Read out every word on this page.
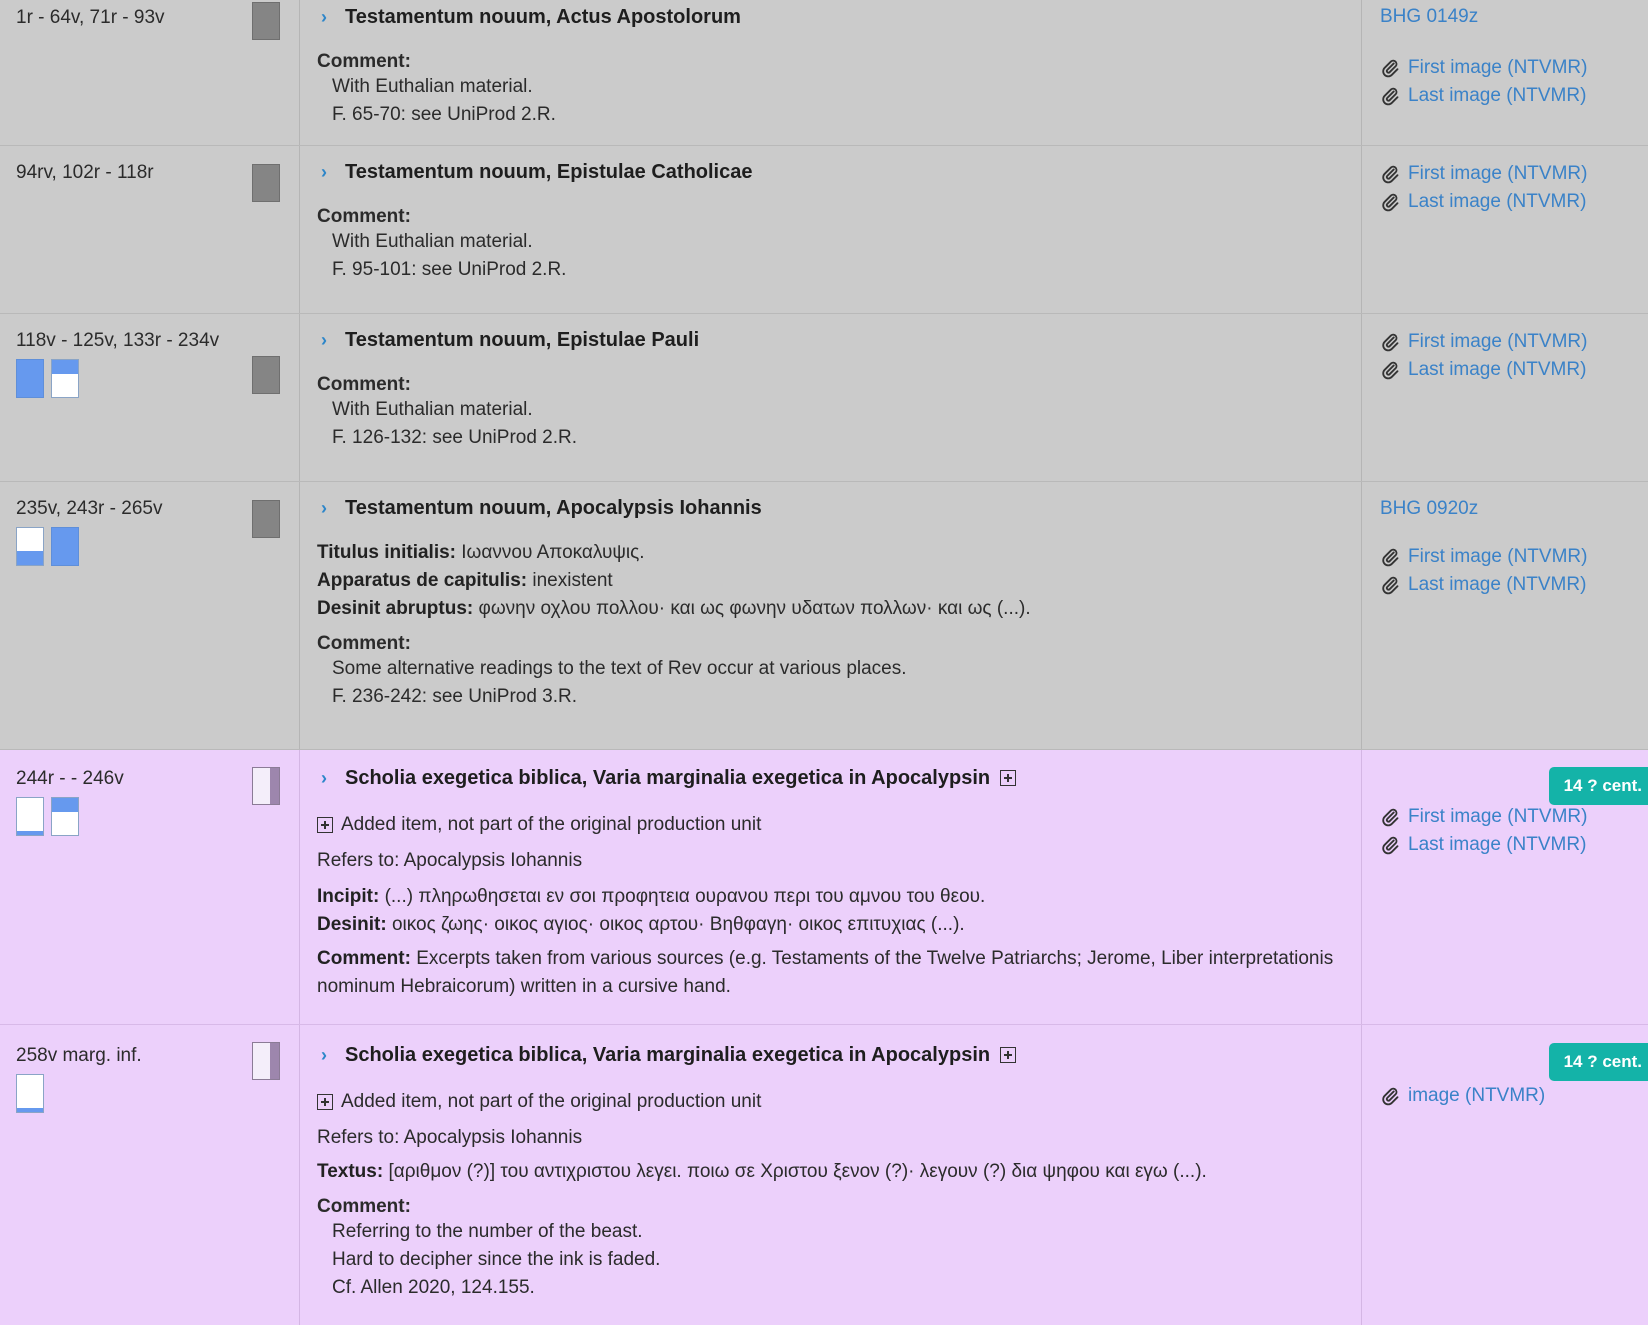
1r - 64v, 71r - 93v	› Testamentum nouum, Actus Apostolorum
Comment:
With Euthalian material.
F. 65-70: see UniProd 2.R.
BHG 0149z
First image (NTVMR)
Last image (NTVMR)
94rv, 102r - 118r	› Testamentum nouum, Epistulae Catholicae
Comment:
With Euthalian material.
F. 95-101: see UniProd 2.R.
First image (NTVMR)
Last image (NTVMR)
118v - 125v, 133r - 234v	› Testamentum nouum, Epistulae Pauli
Comment:
With Euthalian material.
F. 126-132: see UniProd 2.R.
First image (NTVMR)
Last image (NTVMR)
235v, 243r - 265v	› Testamentum nouum, Apocalypsis Iohannis
Titulus initialis: Ιωαννου Αποκαλυψις.
Apparatus de capitulis: inexistent
Desinit abruptus: φωνην οχλου πολλου· και ως φωνην υδατων πολλων· και ως (...).
Comment:
Some alternative readings to the text of Rev occur at various places.
F. 236-242: see UniProd 3.R.
BHG 0920z
First image (NTVMR)
Last image (NTVMR)
244r - - 246v	› Scholia exegetica biblica, Varia marginalia exegetica in Apocalypsin
Added item, not part of the original production unit
Refers to: Apocalypsis Iohannis
Incipit: (...) πληρωθησεται εν σοι προφητεια ουρανου περι του αμνου του θεου.
Desinit: οικος ζωης· οικος αγιος· οικος αρτου· Βηθφαγη· οικος επιτυχιας (...).
Comment: Excerpts taken from various sources (e.g. Testaments of the Twelve Patriarchs; Jerome, Liber interpretationis nominum Hebraicorum) written in a cursive hand.
14 ? cent.
First image (NTVMR)
Last image (NTVMR)
258v marg. inf.	› Scholia exegetica biblica, Varia marginalia exegetica in Apocalypsin
Added item, not part of the original production unit
Refers to: Apocalypsis Iohannis
Textus: [αριθμον (?)] του αντιχριστου λεγει. ποιω σε Χριστου ξενον (?)· λεγουν (?) δια ψηφου και εγω (...).
Comment:
Referring to the number of the beast.
Hard to decipher since the ink is faded.
Cf. Allen 2020, 124.155.
14 ? cent.
image (NTVMR)
